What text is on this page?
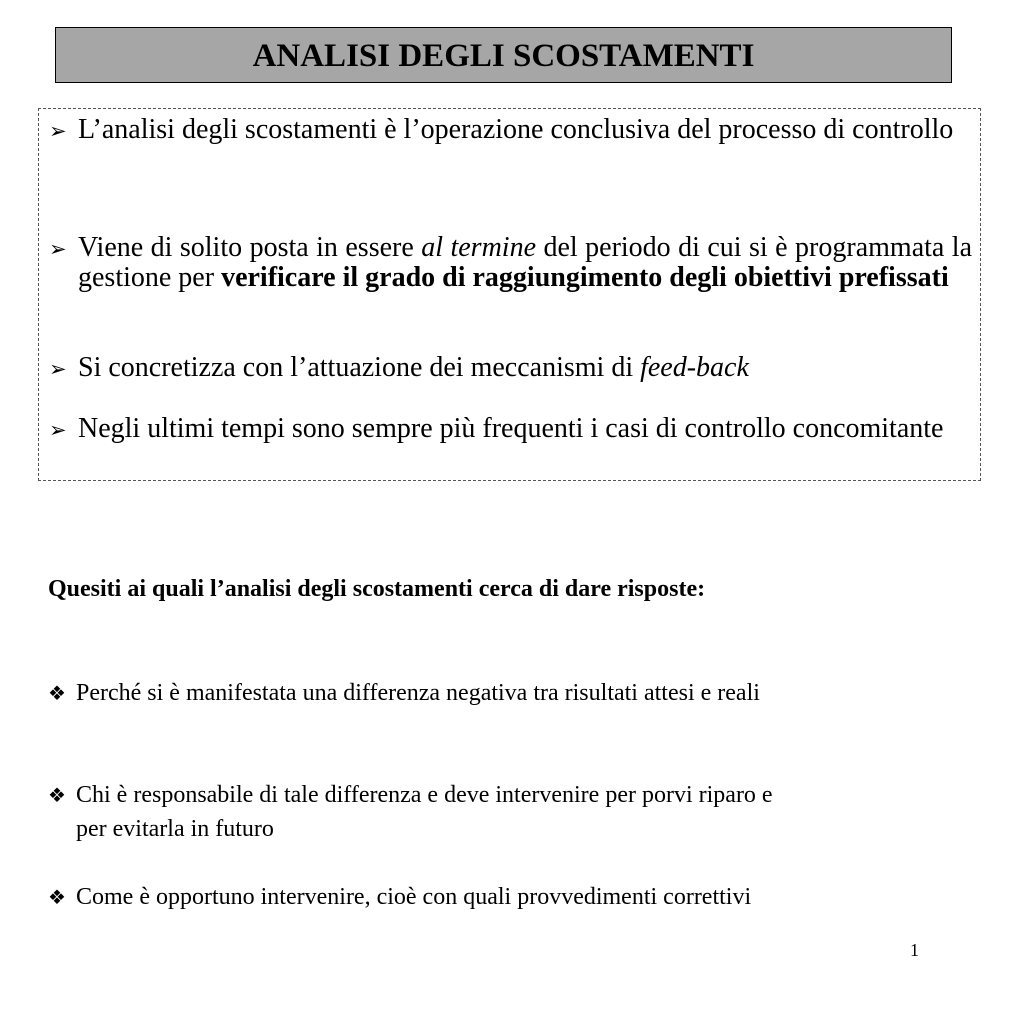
ANALISI DEGLI SCOSTAMENTI

➢ L’analisi degli scostamenti è l’operazione conclusiva del processo di controllo

➢ Viene di solito posta in essere al termine del periodo di cui si è programmata la gestione per verificare il grado di raggiungimento degli obiettivi prefissati

➢ Si concretizza con l’attuazione dei meccanismi di feed-back

➢ Negli ultimi tempi sono sempre più frequenti i casi di controllo concomitante

Quesiti ai quali l’analisi degli scostamenti cerca di dare risposte:

❖ Perché si è manifestata una differenza negativa tra risultati attesi e reali

❖ Chi è responsabile di tale differenza e deve intervenire per porvi riparo e per evitarla in futuro

❖ Come è opportuno intervenire, cioè con quali provvedimenti correttivi

1
